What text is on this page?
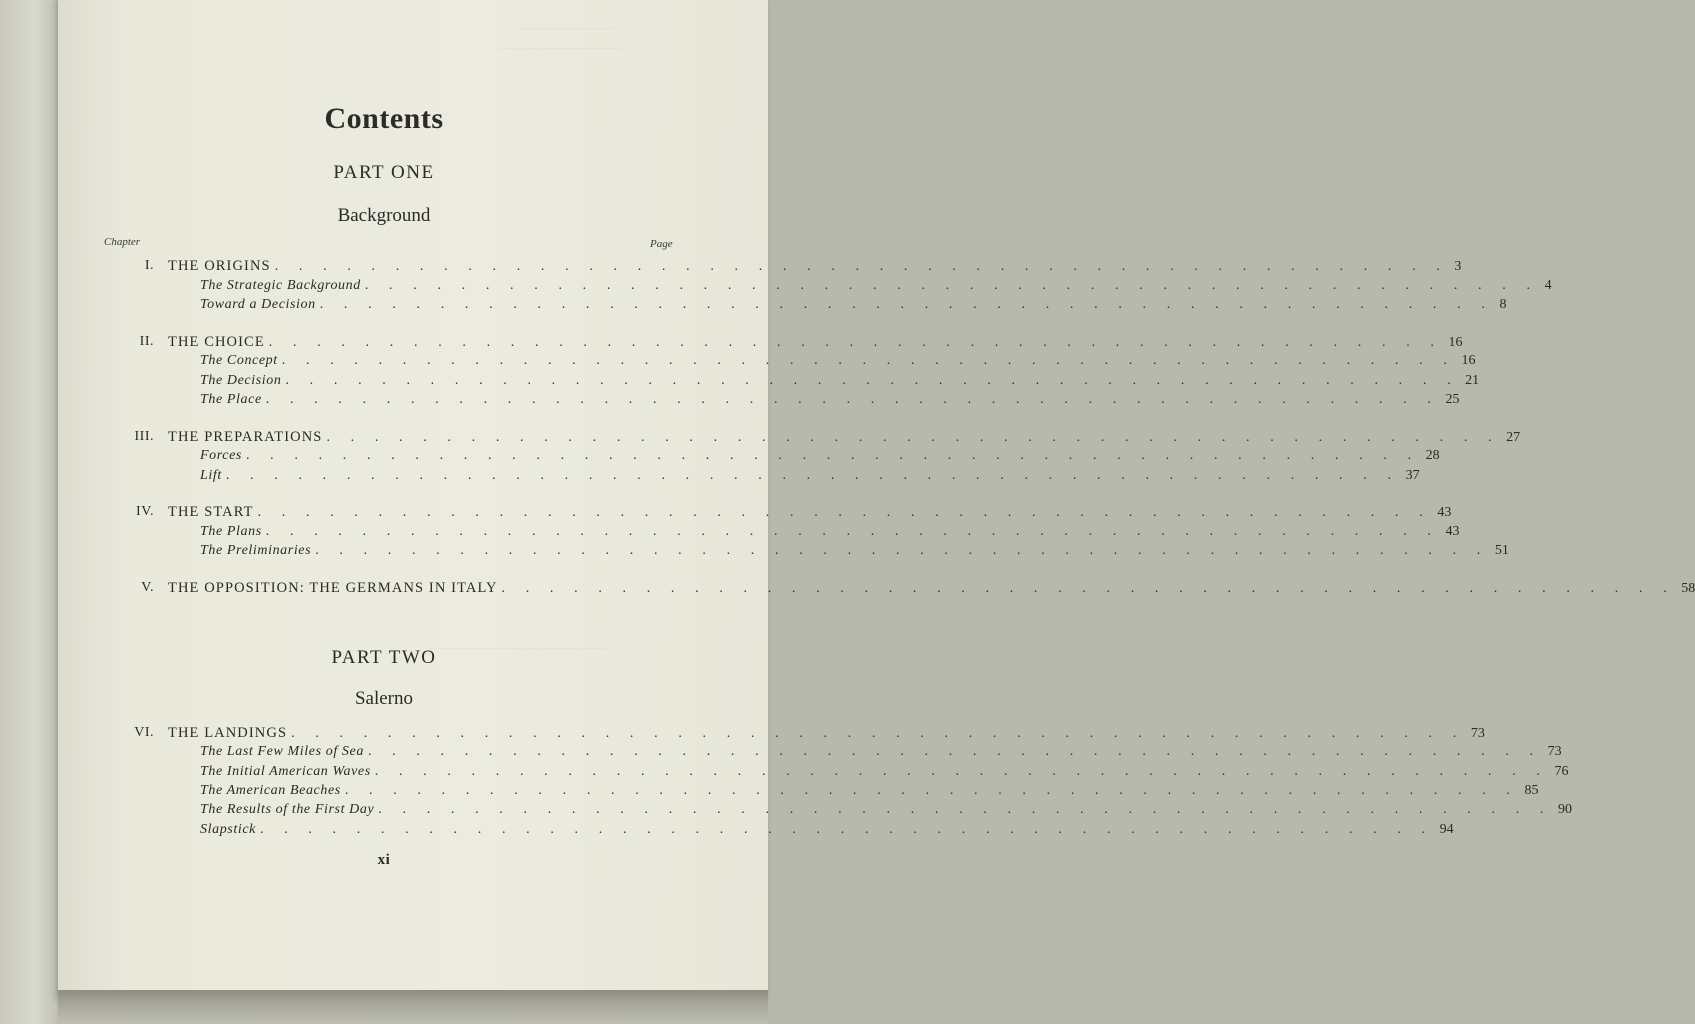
———————
—————————
—————————————
Contents
PART ONE
Background
Chapter	Page
I. THE ORIGINS . . . . . . . . . . . . . . . . . . . . . . . . . . . . . . . . . . . . . . . . . . . . . . . . . 3
The Strategic Background . . . . . . . . . . . . . . . . . . . . . . . . . . . . . . . . . . . . . . . . . . . . . . . . . 4
Toward a Decision . . . . . . . . . . . . . . . . . . . . . . . . . . . . . . . . . . . . . . . . . . . . . . . . . 8
II. THE CHOICE . . . . . . . . . . . . . . . . . . . . . . . . . . . . . . . . . . . . . . . . . . . . . . . . . 16
The Concept . . . . . . . . . . . . . . . . . . . . . . . . . . . . . . . . . . . . . . . . . . . . . . . . . 16
The Decision . . . . . . . . . . . . . . . . . . . . . . . . . . . . . . . . . . . . . . . . . . . . . . . . . 21
The Place . . . . . . . . . . . . . . . . . . . . . . . . . . . . . . . . . . . . . . . . . . . . . . . . . 25
III. THE PREPARATIONS . . . . . . . . . . . . . . . . . . . . . . . . . . . . . . . . . . . . . . . . . . . . . . . . . 27
Forces . . . . . . . . . . . . . . . . . . . . . . . . . . . . . . . . . . . . . . . . . . . . . . . . . 28
Lift . . . . . . . . . . . . . . . . . . . . . . . . . . . . . . . . . . . . . . . . . . . . . . . . . 37
IV. THE START . . . . . . . . . . . . . . . . . . . . . . . . . . . . . . . . . . . . . . . . . . . . . . . . . 43
The Plans . . . . . . . . . . . . . . . . . . . . . . . . . . . . . . . . . . . . . . . . . . . . . . . . . 43
The Preliminaries . . . . . . . . . . . . . . . . . . . . . . . . . . . . . . . . . . . . . . . . . . . . . . . . . 51
V. THE OPPOSITION: THE GERMANS IN ITALY . . . . . . . . . . . . . . . . . . . . . . . . . . . . . . . . . . . . . . . . . . . . . . . . . 58
VI. THE LANDINGS . . . . . . . . . . . . . . . . . . . . . . . . . . . . . . . . . . . . . . . . . . . . . . . . . 73
The Last Few Miles of Sea . . . . . . . . . . . . . . . . . . . . . . . . . . . . . . . . . . . . . . . . . . . . . . . . . 73
The Initial American Waves . . . . . . . . . . . . . . . . . . . . . . . . . . . . . . . . . . . . . . . . . . . . . . . . . 76
The American Beaches . . . . . . . . . . . . . . . . . . . . . . . . . . . . . . . . . . . . . . . . . . . . . . . . . 85
The Results of the First Day . . . . . . . . . . . . . . . . . . . . . . . . . . . . . . . . . . . . . . . . . . . . . . . . . 90
Slapstick . . . . . . . . . . . . . . . . . . . . . . . . . . . . . . . . . . . . . . . . . . . . . . . . . 94
PART TWO
Salerno
xi
